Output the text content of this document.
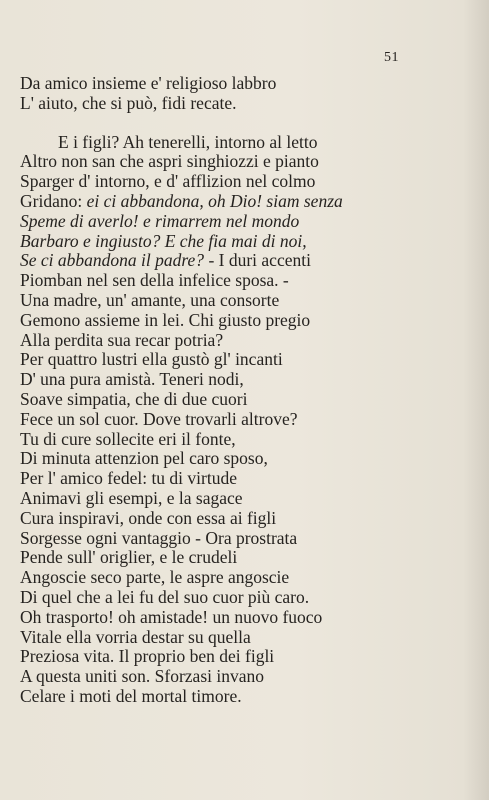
51
Da amico insieme e' religioso labbro
L' aiuto, che si può, fidi recate.
E i figli? Ah tenerelli, intorno al letto
Altro non san che aspri singhiozzi e pianto
Sparger d' intorno, e d' afflizion nel colmo
Gridano: ei ci abbandona, oh Dio! siam senza
Speme di averlo! e rimarrem nel mondo
Barbaro e ingiusto? E che fia mai di noi,
Se ci abbandona il padre? - I duri accenti
Piomban nel sen della infelice sposa. -
Una madre, un' amante, una consorte
Gemono assieme in lei. Chi giusto pregio
Alla perdita sua recar potria?
Per quattro lustri ella gustò gl' incanti
D' una pura amistà. Teneri nodi,
Soave simpatia, che di due cuori
Fece un sol cuor. Dove trovarli altrove?
Tu di cure sollecite eri il fonte,
Di minuta attenzion pel caro sposo,
Per l' amico fedel: tu di virtude
Animavi gli esempi, e la sagace
Cura inspiravi, onde con essa ai figli
Sorgesse ogni vantaggio - Ora prostrata
Pende sull' origlier, e le crudeli
Angoscie seco parte, le aspre angoscie
Di quel che a lei fu del suo cuor più caro.
Oh trasporto! oh amistade! un nuovo fuoco
Vitale ella vorria destar su quella
Preziosa vita. Il proprio ben dei figli
A questa uniti son. Sforzasi invano
Celare i moti del mortal timore.
